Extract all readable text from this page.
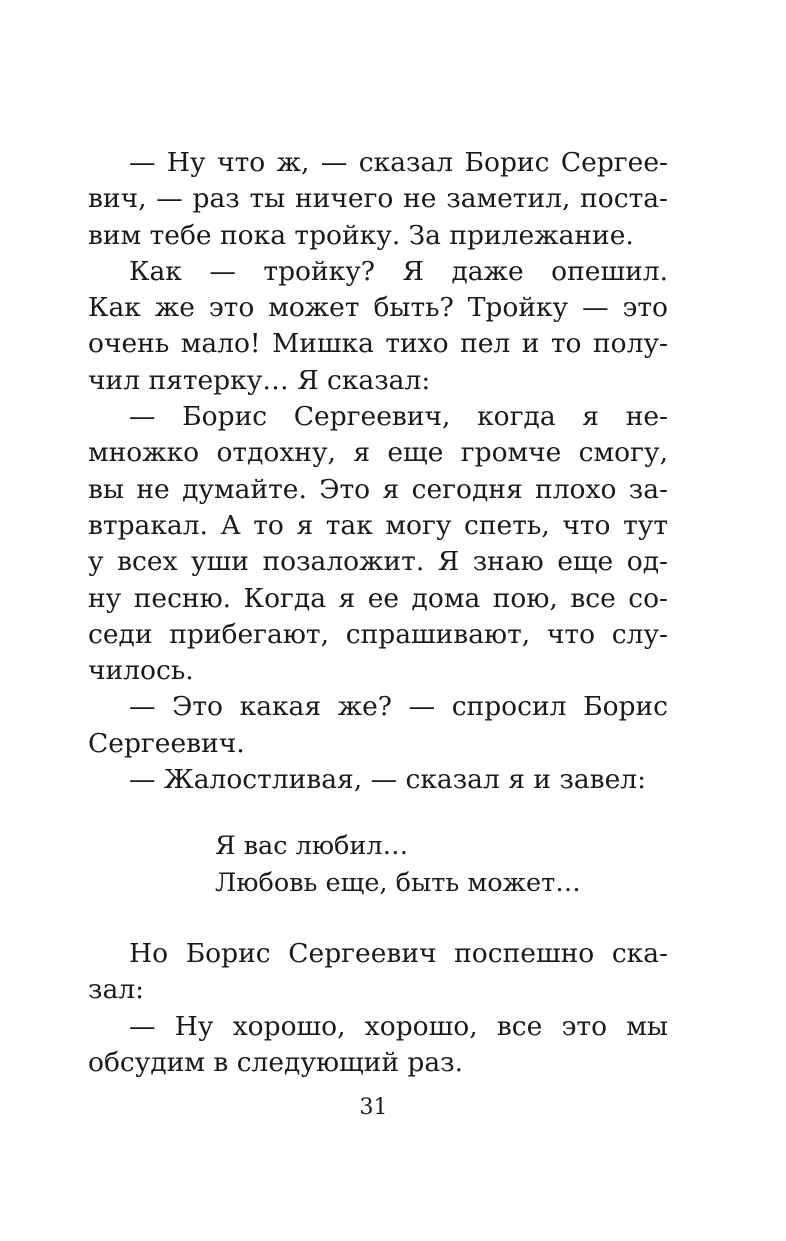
— Ну что ж, — сказал Борис Сергее-
вич, — раз ты ничего не заметил, поста-
вим тебе пока тройку. За прилежание.
Как — тройку? Я даже опешил.
Как же это может быть? Тройку — это
очень мало! Мишка тихо пел и то полу-
чил пятерку… Я сказал:
— Борис Сергеевич, когда я не-
множко отдохну, я еще громче смогу,
вы не думайте. Это я сегодня плохо за-
втракал. А то я так могу спеть, что тут
у всех уши позаложит. Я знаю еще од-
ну песню. Когда я ее дома пою, все со-
седи прибегают, спрашивают, что слу-
чилось.
— Это какая же? — спросил Борис
Сергеевич.
— Жалостливая, — сказал я и завел:
Я вас любил…
Любовь еще, быть может…
Но Борис Сергеевич поспешно ска-
зал:
— Ну хорошо, хорошо, все это мы
обсудим в следующий раз.
31
